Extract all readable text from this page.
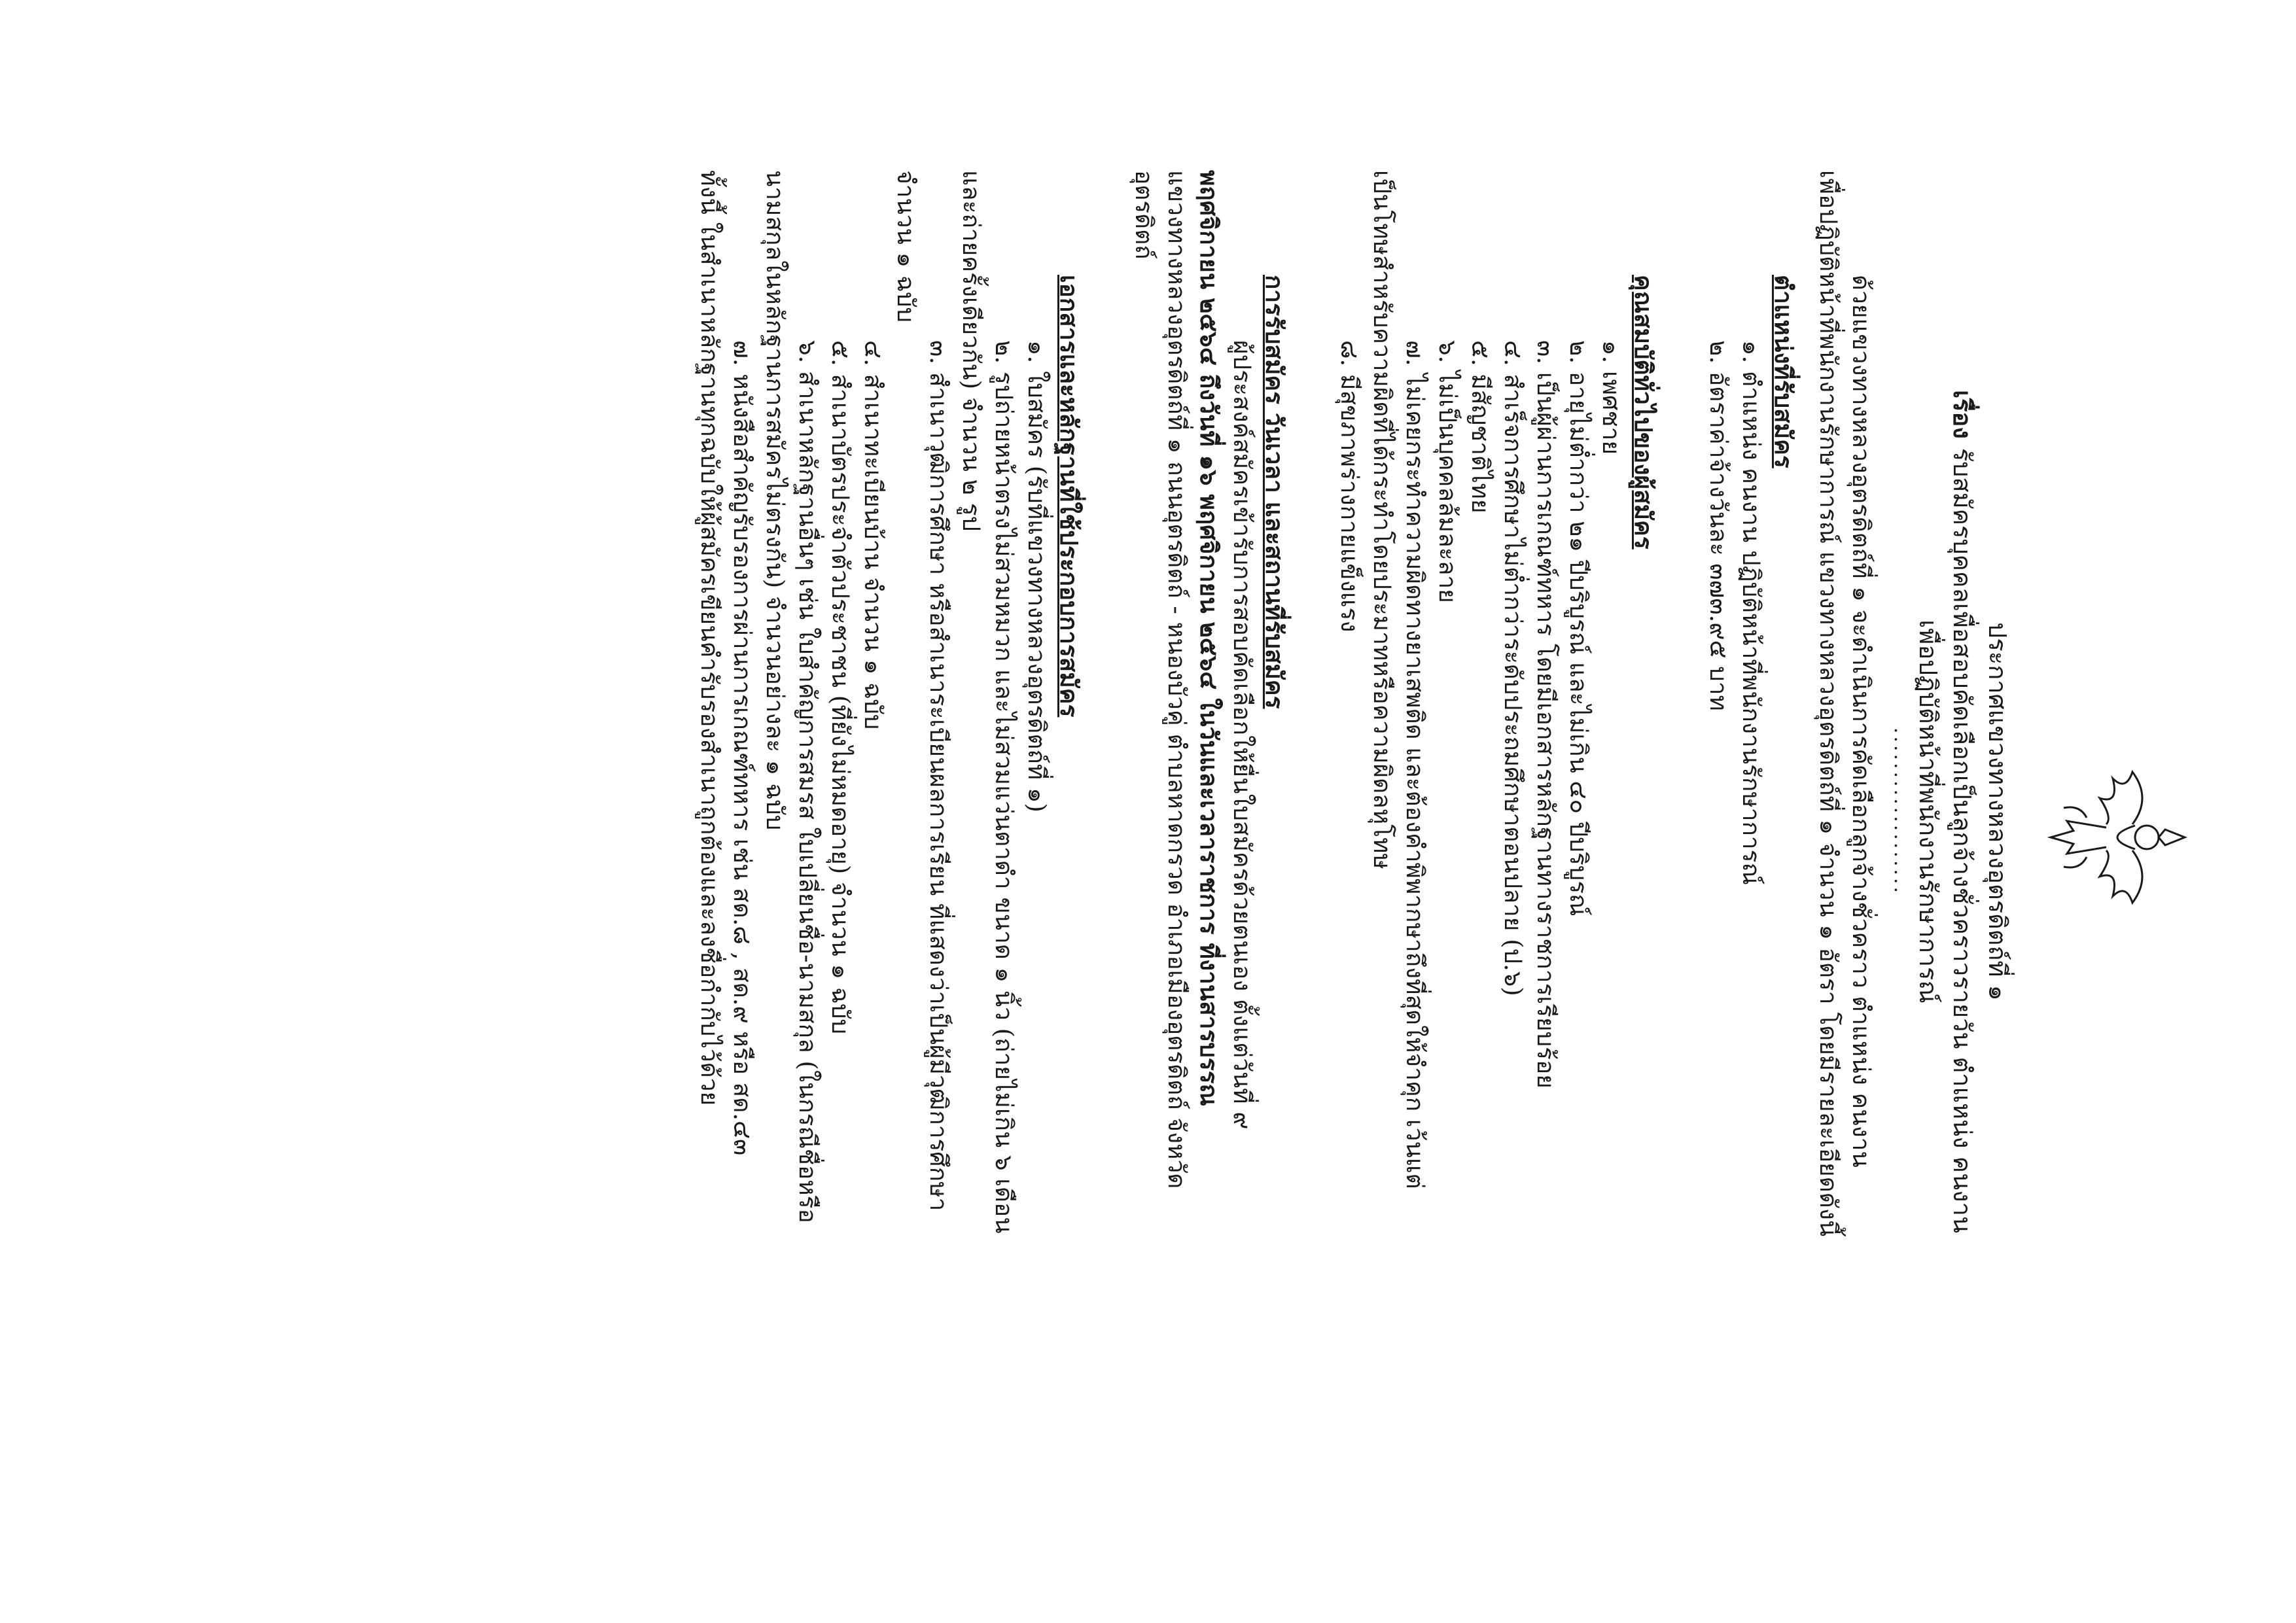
ประกาศแขวงทางหลวงอุตรดิตถ์ที่ ๑
เรื่องรับสมัครบุคคลเพื่อสอบคัดเลือกเป็นลูกจ้างชั่วคราวรายวัน ตำแหน่ง คนงาน
เพื่อปฏิบัติหน้าที่พนักงานรักษาการณ์
...................

ด้วยแขวงทางหลวงอุตรดิตถ์ที่ ๑ จะดำเนินการคัดเลือกลูกจ้างชั่วคราว ตำแหน่ง คนงาน

เพื่อปฏิบัติหน้าที่พนักงานรักษาการณ์ แขวงทางหลวงอุตรดิตถ์ที่ ๑ จำนวน ๑ อัตรา โดยมีรายละเอียดดังนี้

ตำแหน่งที่รับสมัคร

๑. ตำแหน่ง คนงาน ปฏิบัติหน้าที่พนักงานรักษาการณ์

๒. อัตราค่าจ้างวันละ ๓๗๓.๙๕ บาท

คุณสมบัติทั่วไปของผู้สมัคร

๑. เพศชาย

๒. อายุไม่ต่ำกว่า ๒๑ ปีบริบูรณ์ และไม่เกิน ๔๐ ปีบริบูรณ์

๓. เป็นผู้ผ่านการเกณฑ์ทหาร โดยมีเอกสารหลักฐานทางราชการเรียบร้อย

๔. สำเร็จการศึกษาไม่ต่ำกว่าระดับประถมศึกษาตอนปลาย (ป.๖)

๕. มีสัญชาติไทย

๖. ไม่เป็นบุคคลล้มละลาย

๗. ไม่เคยกระทำความผิดทางยาเสพติด และต้องคำพิพากษาถึงที่สุดให้จำคุก เว้นแต่

เป็นโทษสำหรับความผิดที่ได้กระทำโดยประมาทหรือความผิดลหุโทษ

๘. มีสุขภาพร่างกายแข็งแรง

การรับสมัคร วันเวลา และสถานที่รับสมัคร

ผู้ประสงค์สมัครเข้ารับการสอบคัดเลือกให้ยื่นใบสมัครด้วยตนเอง ตั้งแต่วันที่ ๙

พฤศจิกายน ๒๕๖๔ ถึงวันที่ ๑๖ พฤศจิกายน ๒๕๖๔ ในวันและเวลาราชการ ที่งานสารบรรณ

แขวงทางหลวงอุตรดิตถ์ที่ ๑ ถนนอุตรดิตถ์ - หนองบัวคู่ ตำบลหาดกรวด อำเภอเมืองอุตรดิตถ์ จังหวัด

อุตรดิตถ์

เอกสารและหลักฐานที่ใช้ประกอบการสมัคร

๑. ใบสมัคร (รับที่แขวงทางหลวงอุตรดิตถ์ที่ ๑)

๒. รูปถ่ายหน้าตรงไม่สวมหมวก และไม่สวมแว่นตาดำ ขนาด ๑ นิ้ว (ถ่ายไม่เกิน ๖ เดือน

และถ่ายครั้งเดียวกัน) จำนวน ๒ รูป

๓. สำเนาวุฒิการศึกษา หรือสำเนาระเบียนผลการเรียน ที่แสดงว่าเป็นผู้มีวุฒิการศึกษา

จำนวน ๑ ฉบับ

๔. สำเนาทะเบียนบ้าน จำนวน ๑ ฉบับ

๕. สำเนาบัตรประจำตัวประชาชน (ที่ยังไม่หมดอายุ) จำนวน ๑ ฉบับ

๖. สำเนาหลักฐานอื่นๆ เช่น ใบสำคัญการสมรส ใบเปลี่ยนชื่อ-นามสกุล (ในกรณีชื่อหรือ

นามสกุลในหลักฐานการสมัครไม่ตรงกัน) จำนวนอย่างละ ๑ ฉบับ

๗. หนังสือสำคัญรับรองการผ่านการเกณฑ์ทหาร เช่น สด.๘ , สด.๙ หรือ สด.๔๓

ทั้งนี้ ในสำเนาหลักฐานทุกฉบับให้ผู้สมัครเขียนคำรับรองสำเนาถูกต้องและลงชื่อกำกับไว้ด้วย
